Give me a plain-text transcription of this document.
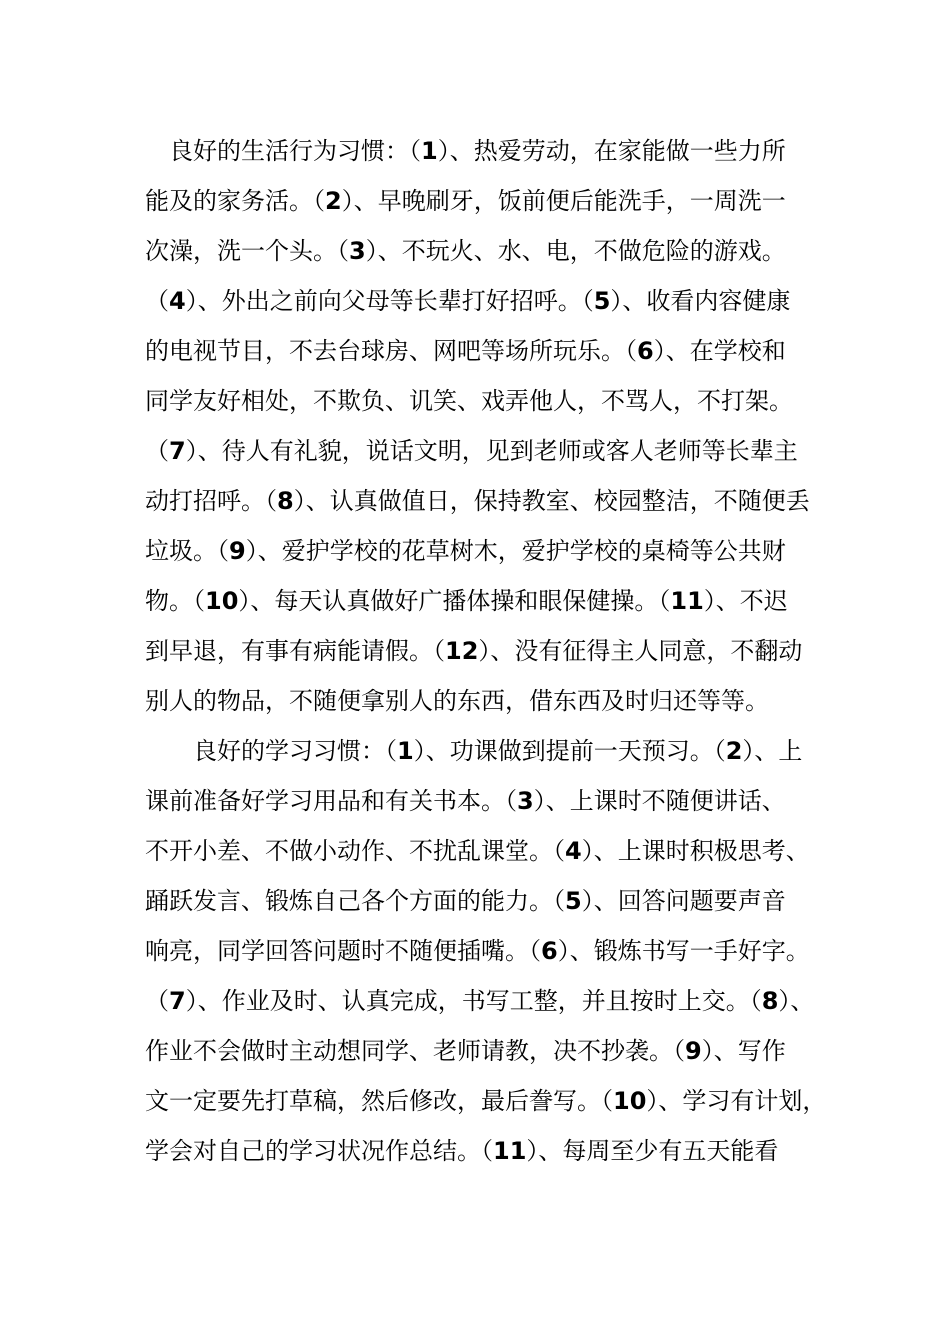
　良好的生活行为习惯：（1）、热爱劳动，在家能做一些力所
能及的家务活。（2）、早晚刷牙，饭前便后能洗手，一周洗一
次澡，洗一个头。（3）、不玩火、水、电，不做危险的游戏。
（4）、外出之前向父母等长辈打好招呼。（5）、收看内容健康
的电视节目，不去台球房、网吧等场所玩乐。（6）、在学校和
同学友好相处，不欺负、讥笑、戏弄他人，不骂人，不打架。
（7）、待人有礼貌，说话文明，见到老师或客人老师等长辈主
动打招呼。（8）、认真做值日，保持教室、校园整洁，不随便丢
垃圾。（9）、爱护学校的花草树木，爱护学校的桌椅等公共财
物。（10）、每天认真做好广播体操和眼保健操。（11）、不迟
到早退，有事有病能请假。（12）、没有征得主人同意，不翻动
别人的物品，不随便拿别人的东西，借东西及时归还等等。
　　良好的学习习惯：（1）、功课做到提前一天预习。（2）、上
课前准备好学习用品和有关书本。（3）、上课时不随便讲话、
不开小差、不做小动作、不扰乱课堂。（4）、上课时积极思考、
踊跃发言、锻炼自己各个方面的能力。（5）、回答问题要声音
响亮，同学回答问题时不随便插嘴。（6）、锻炼书写一手好字。
（7）、作业及时、认真完成，书写工整，并且按时上交。（8）、
作业不会做时主动想同学、老师请教，决不抄袭。（9）、写作
文一定要先打草稿，然后修改，最后誊写。（10）、学习有计划，
学会对自己的学习状况作总结。（11）、每周至少有五天能看
